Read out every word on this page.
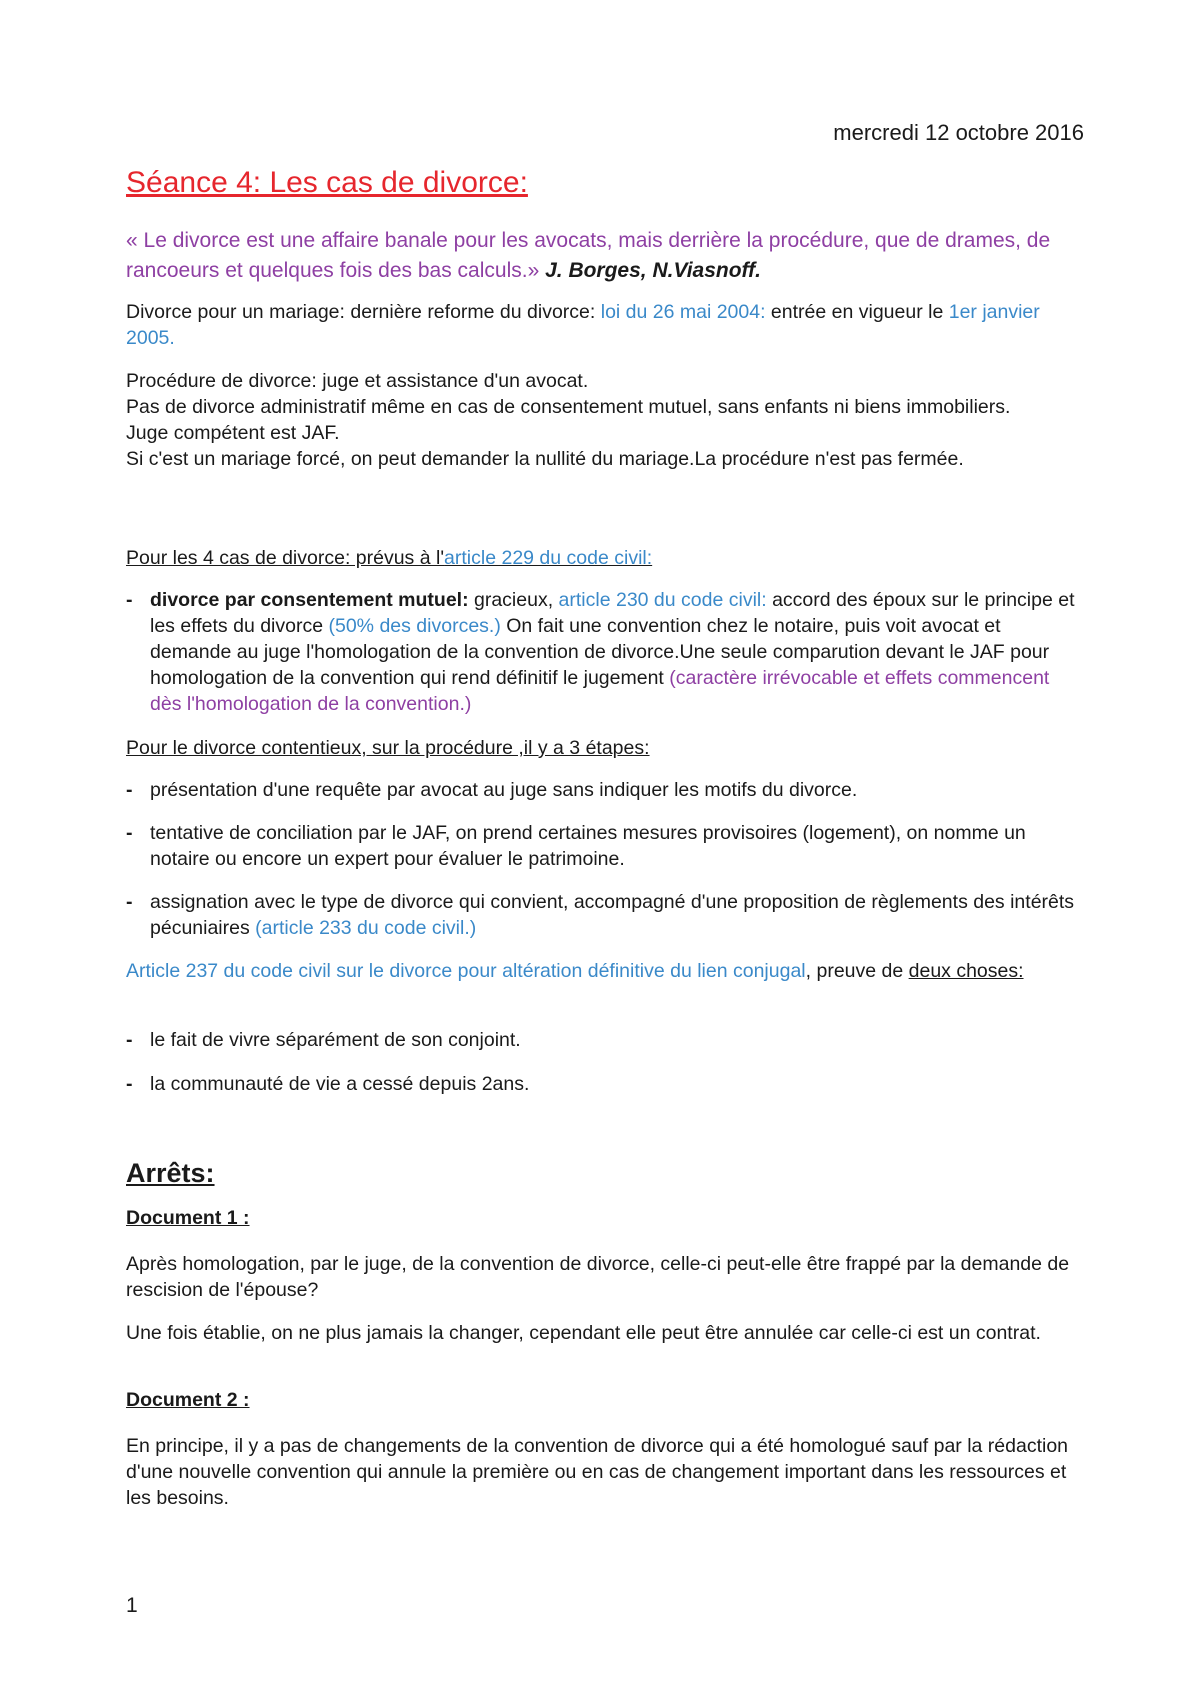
mercredi 12 octobre 2016
Séance 4: Les cas de divorce:

« Le divorce est une affaire banale pour les avocats, mais derrière la procédure, que de drames, de rancoeurs et quelques fois des bas calculs.» J. Borges, N.Viasnoff.

Divorce pour un mariage: dernière reforme du divorce: loi du 26 mai 2004: entrée en vigueur le 1er janvier 2005.

Procédure de divorce: juge et assistance d'un avocat.
Pas de divorce administratif même en cas de consentement mutuel, sans enfants ni biens immobiliers.
Juge compétent est JAF.
Si c'est un mariage forcé, on peut demander la nullité du mariage.La procédure n'est pas fermée.

Pour les 4 cas de divorce: prévus à l'article 229 du code civil:

- divorce par consentement mutuel: gracieux, article 230 du code civil: accord des époux sur le principe et les effets du divorce (50% des divorces.) On fait une convention chez le notaire, puis voit avocat et demande au juge l'homologation de la convention de divorce.Une seule comparution devant le JAF pour homologation de la convention qui rend définitif le jugement (caractère irrévocable et effets commencent dès l'homologation de la convention.)

Pour le divorce contentieux, sur la procédure ,il y a 3 étapes:

- présentation d'une requête par avocat au juge sans indiquer les motifs du divorce.
- tentative de conciliation par le JAF, on prend certaines mesures provisoires (logement), on nomme un notaire ou encore un expert pour évaluer le patrimoine.
- assignation avec le type de divorce qui convient, accompagné d'une proposition de règlements des intérêts pécuniaires (article 233 du code civil.)

Article 237 du code civil sur le divorce pour altération définitive du lien conjugal, preuve de deux choses:

- le fait de vivre séparément de son conjoint.
- la communauté de vie a cessé depuis 2ans.
Arrêts:
Document 1 :

Après homologation, par le juge, de la convention de divorce, celle-ci peut-elle être frappé par la demande de rescision de l'épouse?

Une fois établie, on ne plus jamais la changer, cependant elle peut être annulée car celle-ci est un contrat.

Document 2 :

En principe, il y a pas de changements de la convention de divorce qui a été homologué sauf par la rédaction d'une nouvelle convention qui annule la première ou en cas de changement important dans les ressources et les besoins.

1
